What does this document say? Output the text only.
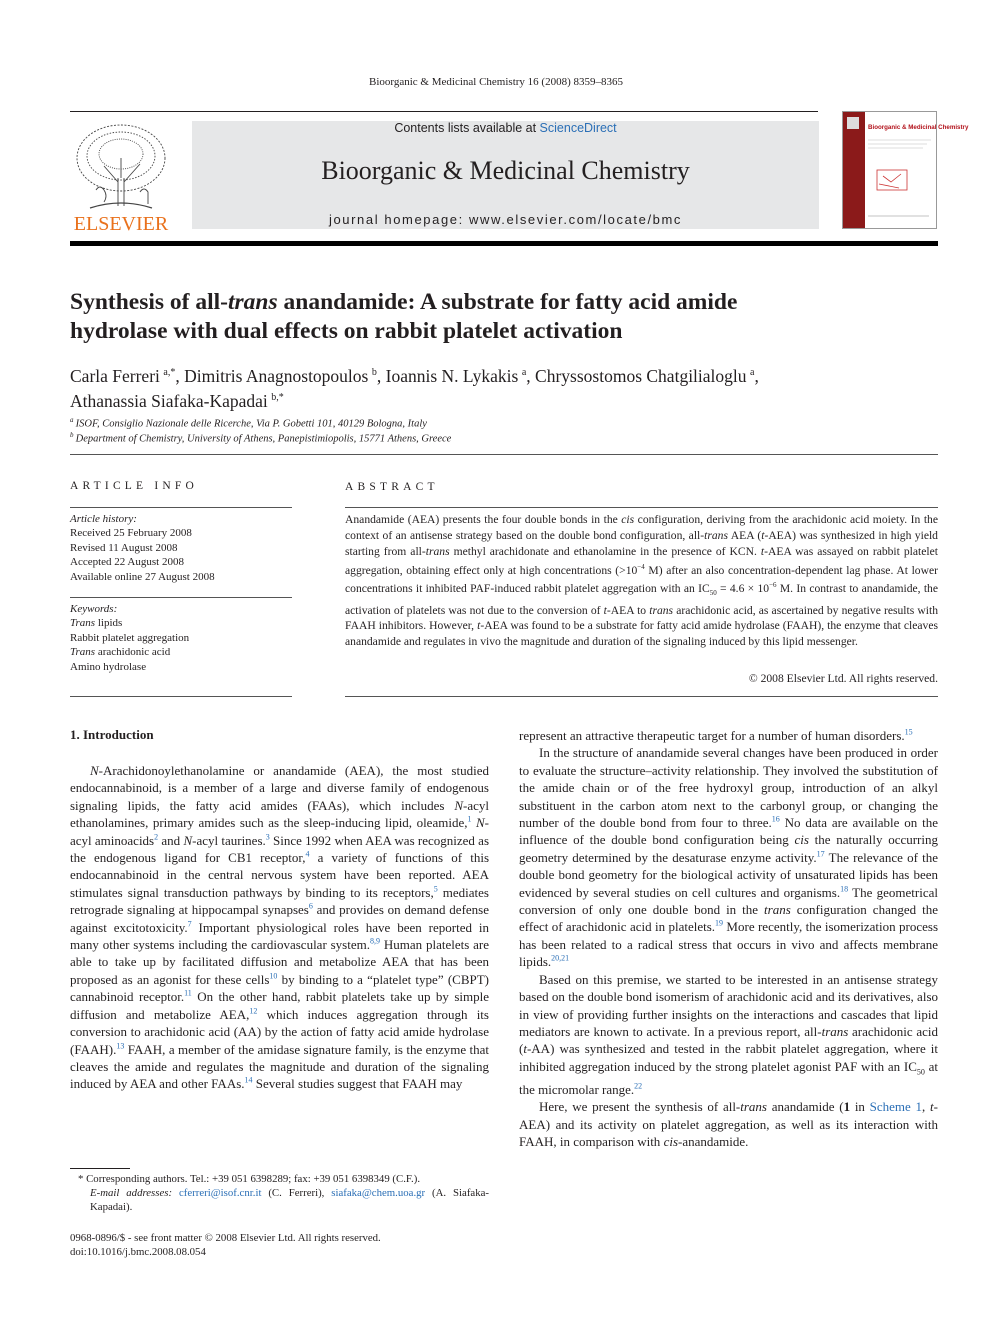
Bioorganic & Medicinal Chemistry 16 (2008) 8359–8365
ELSEVIER
Contents lists available at ScienceDirect
Bioorganic & Medicinal Chemistry
journal homepage: www.elsevier.com/locate/bmc
Bioorganic & Medicinal Chemistry
Synthesis of all-trans anandamide: A substrate for fatty acid amide
hydrolase with dual effects on rabbit platelet activation
Carla Ferreri  $^{a,*}$, Dimitris Anagnostopoulos  $^b$, Ioannis N. Lykakis  $^a$, Chryssostomos Chatgilialoglu  $^a$,
Athanassia Siafaka-Kapadai  $^{b,*}$
$^a$  ISOF, Consiglio Nazionale delle Ricerche, Via P. Gobetti 101, 40129 Bologna, Italy
$^b$  Department of Chemistry, University of Athens, Panepistimiopolis, 15771 Athens, Greece
ARTICLE INFO
Article history:
Received 25 February 2008
Revised 11 August 2008
Accepted 22 August 2008
Available online 27 August 2008
Keywords:
Trans lipids
Rabbit platelet aggregation
Trans arachidonic acid
Amino hydrolase
ABSTRACT
Anandamide (AEA) presents the four double bonds in the cis configuration, deriving from the arachidonic acid moiety. In the context of an antisense strategy based on the double bond configuration, all-trans AEA (t-AEA) was synthesized in high yield starting from all-trans methyl arachidonate and ethanolamine in the presence of KCN. t-AEA was assayed on rabbit platelet aggregation, obtaining effect only at high concentrations ($>10^{-4}$ M) after an also concentration-dependent lag phase. At lower concentrations it inhibited PAF-induced rabbit platelet aggregation with an $IC_{50} = 4.6 \times 10^{-6}$ M. In contrast to anandamide, the activation of platelets was not due to the conversion of t-AEA to trans arachidonic acid, as ascertained by negative results with FAAH inhibitors. However, t-AEA was found to be a substrate for fatty acid amide hydrolase (FAAH), the enzyme that cleaves anandamide and regulates in vivo the magnitude and duration of the signaling induced by this lipid messenger.
© 2008 Elsevier Ltd. All rights reserved.
1. Introduction

N-Arachidonoylethanolamine or anandamide (AEA), the most studied endocannabinoid, is a member of a large and diverse family of endogenous signaling lipids, the fatty acid amides (FAAs), which includes N-acyl ethanolamines, primary amides such as the sleep-inducing lipid, oleamide,$^1$ N-acyl aminoacids$^2$ and N-acyl taurines.$^3$ Since 1992 when AEA was recognized as the endogenous ligand for CB1 receptor,$^4$ a variety of functions of this endocannabinoid in the central nervous system have been reported. AEA stimulates signal transduction pathways by binding to its receptors,$^5$ mediates retrograde signaling at hippocampal synapses$^6$ and provides on demand defense against excitotoxicity.$^7$ Important physiological roles have been reported in many other systems including the cardiovascular system.$^{8,9}$ Human platelets are able to take up by facilitated diffusion and metabolize AEA that has been proposed as an agonist for these cells$^{10}$ by binding to a “platelet type” (CBPT) cannabinoid receptor.$^{11}$ On the other hand, rabbit platelets take up by simple diffusion and metabolize AEA,$^{12}$ which induces aggregation through its conversion to arachidonic acid (AA) by the action of fatty acid amide hydrolase (FAAH).$^{13}$ FAAH, a member of the amidase signature family, is the enzyme that cleaves the amide and regulates the magnitude and duration of the signaling induced by AEA and other FAAs.$^{14}$ Several studies suggest that FAAH may

* Corresponding authors. Tel.: +39 051 6398289; fax: +39 051 6398349 (C.F.).
E-mail addresses: cferreri@isof.cnr.it (C. Ferreri), siafaka@chem.uoa.gr (A. Siafaka-Kapadai).
0968-0896/$ - see front matter © 2008 Elsevier Ltd. All rights reserved.
doi:10.1016/j.bmc.2008.08.054

represent an attractive therapeutic target for a number of human disorders.$^{15}$

In the structure of anandamide several changes have been produced in order to evaluate the structure–activity relationship. They involved the substitution of the amide chain or of the free hydroxyl group, introduction of an alkyl substituent in the carbon atom next to the carbonyl group, or changing the number of the double bond from four to three.$^{16}$ No data are available on the influence of the double bond configuration being cis the naturally occurring geometry determined by the desaturase enzyme activity.$^{17}$ The relevance of the double bond geometry for the biological activity of unsaturated lipids has been evidenced by several studies on cell cultures and organisms.$^{18}$ The geometrical conversion of only one double bond in the trans configuration changed the effect of arachidonic acid in platelets.$^{19}$ More recently, the isomerization process has been related to a radical stress that occurs in vivo and affects membrane lipids.$^{20,21}$

Based on this premise, we started to be interested in an antisense strategy based on the double bond isomerism of arachidonic acid and its derivatives, also in view of providing further insights on the interactions and cascades that lipid mediators are known to activate. In a previous report, all-trans arachidonic acid (t-AA) was synthesized and tested in the rabbit platelet aggregation, where it inhibited aggregation induced by the strong platelet agonist PAF with an $IC_{50}$ at the micromolar range.$^{22}$

Here, we present the synthesis of all-trans anandamide (1 in Scheme 1, t-AEA) and its activity on platelet aggregation, as well as its interaction with FAAH, in comparison with cis-anandamide.
